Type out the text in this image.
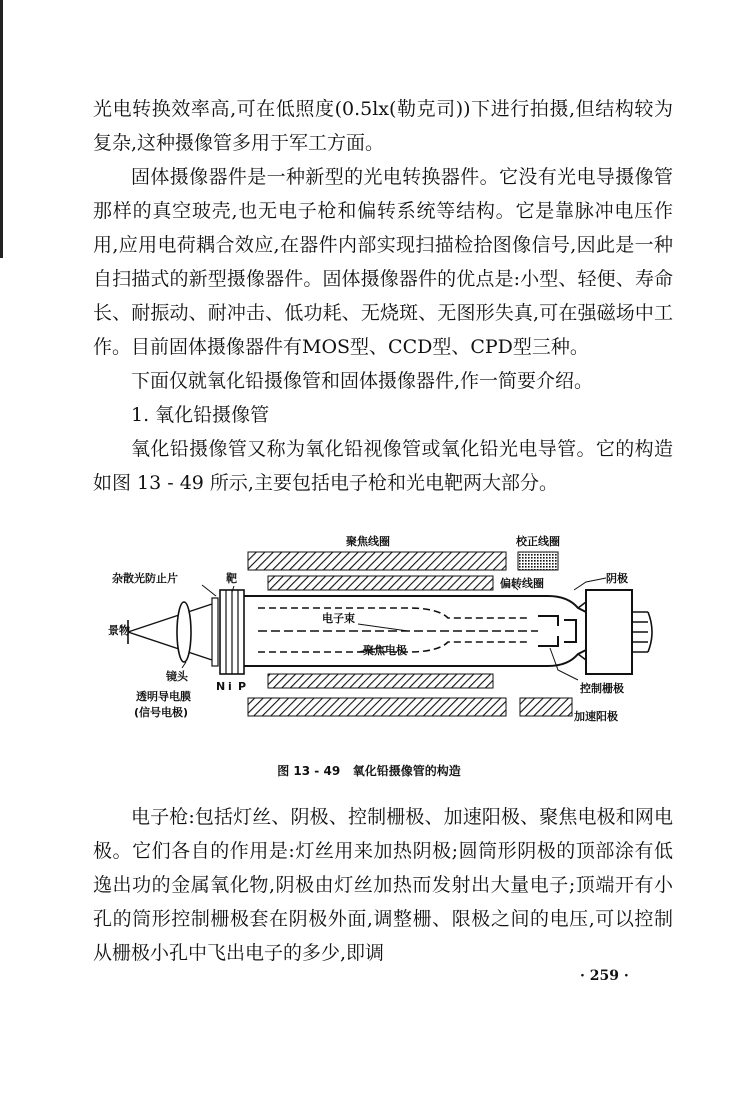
光电转换效率高,可在低照度(0.5lx(勒克司))下进行拍摄,但结构较为复杂,这种摄像管多用于军工方面。

固体摄像器件是一种新型的光电转换器件。它没有光电导摄像管那样的真空玻壳,也无电子枪和偏转系统等结构。它是靠脉冲电压作用,应用电荷耦合效应,在器件内部实现扫描检拾图像信号,因此是一种自扫描式的新型摄像器件。固体摄像器件的优点是:小型、轻便、寿命长、耐振动、耐冲击、低功耗、无烧斑、无图形失真,可在强磁场中工作。目前固体摄像器件有MOS型、CCD型、CPD型三种。

下面仅就氧化铅摄像管和固体摄像器件,作一简要介绍。

1. 氧化铅摄像管

氧化铅摄像管又称为氧化铅视像管或氧化铅光电导管。它的构造如图 13 - 49 所示,主要包括电子枪和光电靶两大部分。

聚焦线圈	校正线圈
偏转线圈	阴极
杂散光防止片	靶
景物
镜头
电子束
聚焦电极
N i P
透明导电膜
(信号电极)
控制栅极
加速阳极
图 13 - 49 氧化铅摄像管的构造

电子枪:包括灯丝、阴极、控制栅极、加速阳极、聚焦电极和网电极。它们各自的作用是:灯丝用来加热阴极;圆筒形阴极的顶部涂有低逸出功的金属氧化物,阴极由灯丝加热而发射出大量电子;顶端开有小孔的筒形控制栅极套在阴极外面,调整栅、限极之间的电压,可以控制从栅极小孔中飞出电子的多少,即调

· 259 ·
